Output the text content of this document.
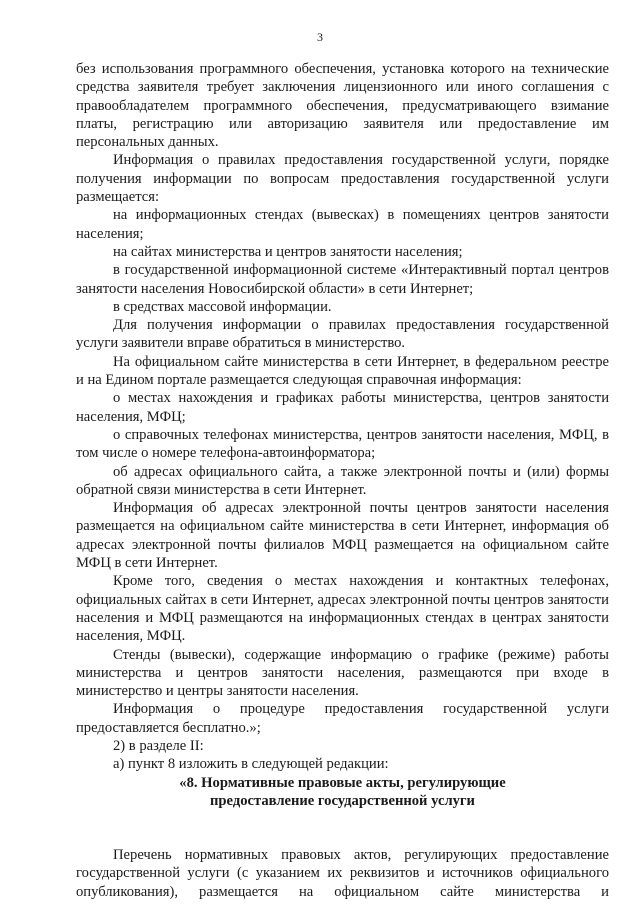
3

без использования программного обеспечения, установка которого на технические средства заявителя требует заключения лицензионного или иного соглашения с правообладателем программного обеспечения, предусматривающего взимание платы, регистрацию или авторизацию заявителя или предоставление им персональных данных.

Информация о правилах предоставления государственной услуги, порядке получения информации по вопросам предоставления государственной услуги размещается:

на информационных стендах (вывесках) в помещениях центров занятости населения;

на сайтах министерства и центров занятости населения;

в государственной информационной системе «Интерактивный портал центров занятости населения Новосибирской области» в сети Интернет;

в средствах массовой информации.

Для получения информации о правилах предоставления государственной услуги заявители вправе обратиться в министерство.

На официальном сайте министерства в сети Интернет, в федеральном реестре и на Едином портале размещается следующая справочная информация:

о местах нахождения и графиках работы министерства, центров занятости населения, МФЦ;

о справочных телефонах министерства, центров занятости населения, МФЦ, в том числе о номере телефона-автоинформатора;

об адресах официального сайта, а также электронной почты и (или) формы обратной связи министерства в сети Интернет.

Информация об адресах электронной почты центров занятости населения размещается на официальном сайте министерства в сети Интернет, информация об адресах электронной почты филиалов МФЦ размещается на официальном сайте МФЦ в сети Интернет.

Кроме того, сведения о местах нахождения и контактных телефонах, официальных сайтах в сети Интернет, адресах электронной почты центров занятости населения и МФЦ размещаются на информационных стендах в центрах занятости населения, МФЦ.

Стенды (вывески), содержащие информацию о графике (режиме) работы министерства и центров занятости населения, размещаются при входе в министерство и центры занятости населения.

Информация о процедуре предоставления государственной услуги предоставляется бесплатно.»;

2) в разделе II:

а) пункт 8 изложить в следующей редакции:

«8. Нормативные правовые акты, регулирующие
предоставление государственной услуги

Перечень нормативных правовых актов, регулирующих предоставление государственной услуги (с указанием их реквизитов и источников официального опубликования), размещается на официальном сайте министерства и
